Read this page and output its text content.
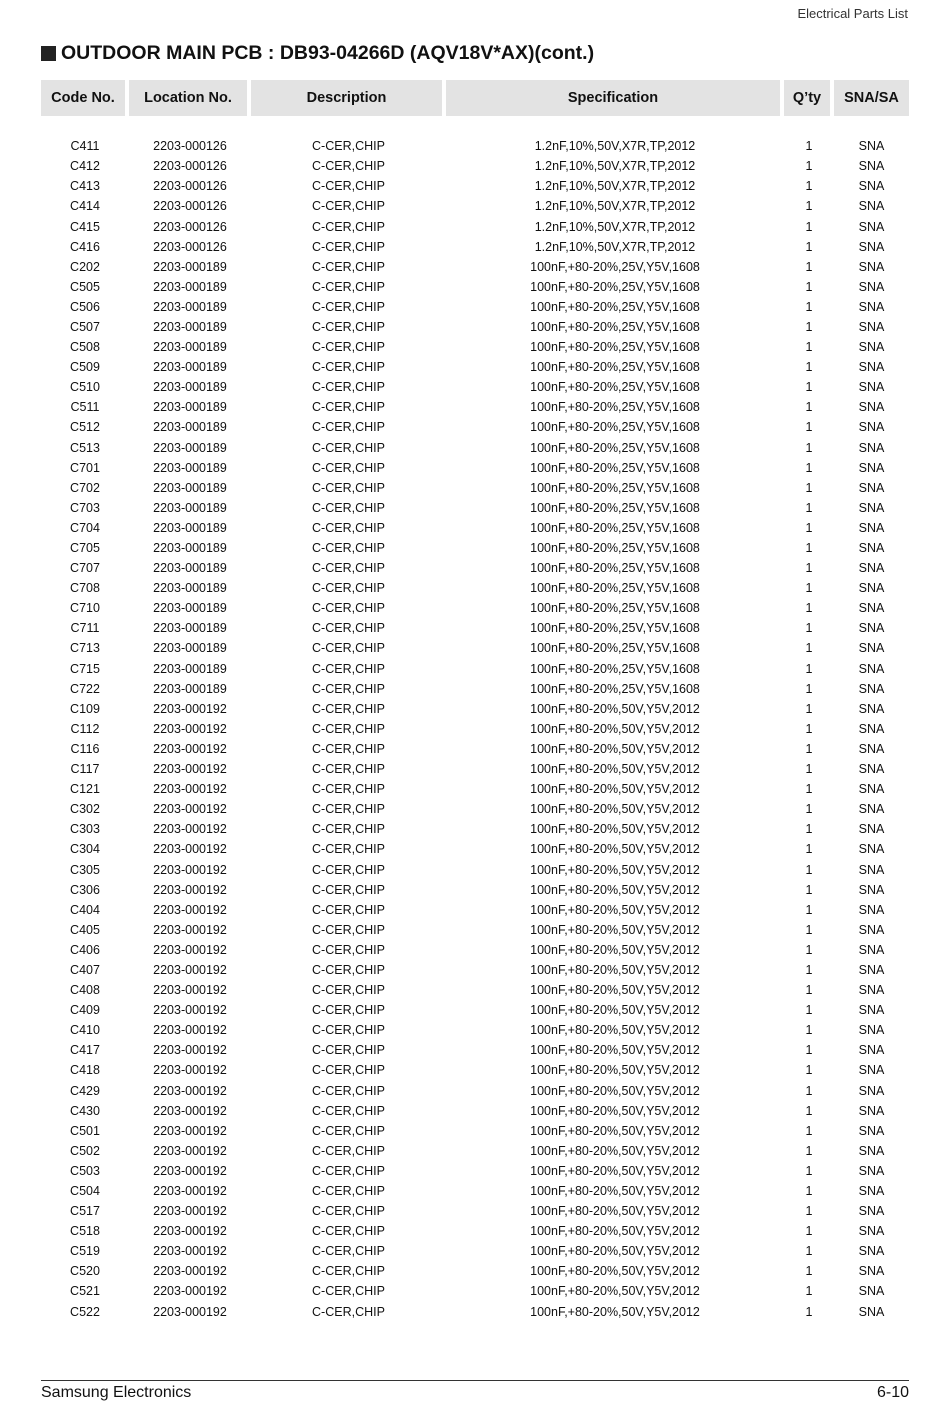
Electrical Parts List
OUTDOOR MAIN PCB : DB93-04266D (AQV18V*AX)(cont.)
Code No.	Location No.	Description	Specification	Q’ty	SNA/SA

C411	2203-000126	C-CER,CHIP	1.2nF,10%,50V,X7R,TP,2012	1	SNA
C412	2203-000126	C-CER,CHIP	1.2nF,10%,50V,X7R,TP,2012	1	SNA
C413	2203-000126	C-CER,CHIP	1.2nF,10%,50V,X7R,TP,2012	1	SNA
C414	2203-000126	C-CER,CHIP	1.2nF,10%,50V,X7R,TP,2012	1	SNA
C415	2203-000126	C-CER,CHIP	1.2nF,10%,50V,X7R,TP,2012	1	SNA
C416	2203-000126	C-CER,CHIP	1.2nF,10%,50V,X7R,TP,2012	1	SNA
C202	2203-000189	C-CER,CHIP	100nF,+80-20%,25V,Y5V,1608	1	SNA
C505	2203-000189	C-CER,CHIP	100nF,+80-20%,25V,Y5V,1608	1	SNA
C506	2203-000189	C-CER,CHIP	100nF,+80-20%,25V,Y5V,1608	1	SNA
C507	2203-000189	C-CER,CHIP	100nF,+80-20%,25V,Y5V,1608	1	SNA
C508	2203-000189	C-CER,CHIP	100nF,+80-20%,25V,Y5V,1608	1	SNA
C509	2203-000189	C-CER,CHIP	100nF,+80-20%,25V,Y5V,1608	1	SNA
C510	2203-000189	C-CER,CHIP	100nF,+80-20%,25V,Y5V,1608	1	SNA
C511	2203-000189	C-CER,CHIP	100nF,+80-20%,25V,Y5V,1608	1	SNA
C512	2203-000189	C-CER,CHIP	100nF,+80-20%,25V,Y5V,1608	1	SNA
C513	2203-000189	C-CER,CHIP	100nF,+80-20%,25V,Y5V,1608	1	SNA
C701	2203-000189	C-CER,CHIP	100nF,+80-20%,25V,Y5V,1608	1	SNA
C702	2203-000189	C-CER,CHIP	100nF,+80-20%,25V,Y5V,1608	1	SNA
C703	2203-000189	C-CER,CHIP	100nF,+80-20%,25V,Y5V,1608	1	SNA
C704	2203-000189	C-CER,CHIP	100nF,+80-20%,25V,Y5V,1608	1	SNA
C705	2203-000189	C-CER,CHIP	100nF,+80-20%,25V,Y5V,1608	1	SNA
C707	2203-000189	C-CER,CHIP	100nF,+80-20%,25V,Y5V,1608	1	SNA
C708	2203-000189	C-CER,CHIP	100nF,+80-20%,25V,Y5V,1608	1	SNA
C710	2203-000189	C-CER,CHIP	100nF,+80-20%,25V,Y5V,1608	1	SNA
C711	2203-000189	C-CER,CHIP	100nF,+80-20%,25V,Y5V,1608	1	SNA
C713	2203-000189	C-CER,CHIP	100nF,+80-20%,25V,Y5V,1608	1	SNA
C715	2203-000189	C-CER,CHIP	100nF,+80-20%,25V,Y5V,1608	1	SNA
C722	2203-000189	C-CER,CHIP	100nF,+80-20%,25V,Y5V,1608	1	SNA
C109	2203-000192	C-CER,CHIP	100nF,+80-20%,50V,Y5V,2012	1	SNA
C112	2203-000192	C-CER,CHIP	100nF,+80-20%,50V,Y5V,2012	1	SNA
C116	2203-000192	C-CER,CHIP	100nF,+80-20%,50V,Y5V,2012	1	SNA
C117	2203-000192	C-CER,CHIP	100nF,+80-20%,50V,Y5V,2012	1	SNA
C121	2203-000192	C-CER,CHIP	100nF,+80-20%,50V,Y5V,2012	1	SNA
C302	2203-000192	C-CER,CHIP	100nF,+80-20%,50V,Y5V,2012	1	SNA
C303	2203-000192	C-CER,CHIP	100nF,+80-20%,50V,Y5V,2012	1	SNA
C304	2203-000192	C-CER,CHIP	100nF,+80-20%,50V,Y5V,2012	1	SNA
C305	2203-000192	C-CER,CHIP	100nF,+80-20%,50V,Y5V,2012	1	SNA
C306	2203-000192	C-CER,CHIP	100nF,+80-20%,50V,Y5V,2012	1	SNA
C404	2203-000192	C-CER,CHIP	100nF,+80-20%,50V,Y5V,2012	1	SNA
C405	2203-000192	C-CER,CHIP	100nF,+80-20%,50V,Y5V,2012	1	SNA
C406	2203-000192	C-CER,CHIP	100nF,+80-20%,50V,Y5V,2012	1	SNA
C407	2203-000192	C-CER,CHIP	100nF,+80-20%,50V,Y5V,2012	1	SNA
C408	2203-000192	C-CER,CHIP	100nF,+80-20%,50V,Y5V,2012	1	SNA
C409	2203-000192	C-CER,CHIP	100nF,+80-20%,50V,Y5V,2012	1	SNA
C410	2203-000192	C-CER,CHIP	100nF,+80-20%,50V,Y5V,2012	1	SNA
C417	2203-000192	C-CER,CHIP	100nF,+80-20%,50V,Y5V,2012	1	SNA
C418	2203-000192	C-CER,CHIP	100nF,+80-20%,50V,Y5V,2012	1	SNA
C429	2203-000192	C-CER,CHIP	100nF,+80-20%,50V,Y5V,2012	1	SNA
C430	2203-000192	C-CER,CHIP	100nF,+80-20%,50V,Y5V,2012	1	SNA
C501	2203-000192	C-CER,CHIP	100nF,+80-20%,50V,Y5V,2012	1	SNA
C502	2203-000192	C-CER,CHIP	100nF,+80-20%,50V,Y5V,2012	1	SNA
C503	2203-000192	C-CER,CHIP	100nF,+80-20%,50V,Y5V,2012	1	SNA
C504	2203-000192	C-CER,CHIP	100nF,+80-20%,50V,Y5V,2012	1	SNA
C517	2203-000192	C-CER,CHIP	100nF,+80-20%,50V,Y5V,2012	1	SNA
C518	2203-000192	C-CER,CHIP	100nF,+80-20%,50V,Y5V,2012	1	SNA
C519	2203-000192	C-CER,CHIP	100nF,+80-20%,50V,Y5V,2012	1	SNA
C520	2203-000192	C-CER,CHIP	100nF,+80-20%,50V,Y5V,2012	1	SNA
C521	2203-000192	C-CER,CHIP	100nF,+80-20%,50V,Y5V,2012	1	SNA
C522	2203-000192	C-CER,CHIP	100nF,+80-20%,50V,Y5V,2012	1	SNA
Samsung Electronics	6-10
